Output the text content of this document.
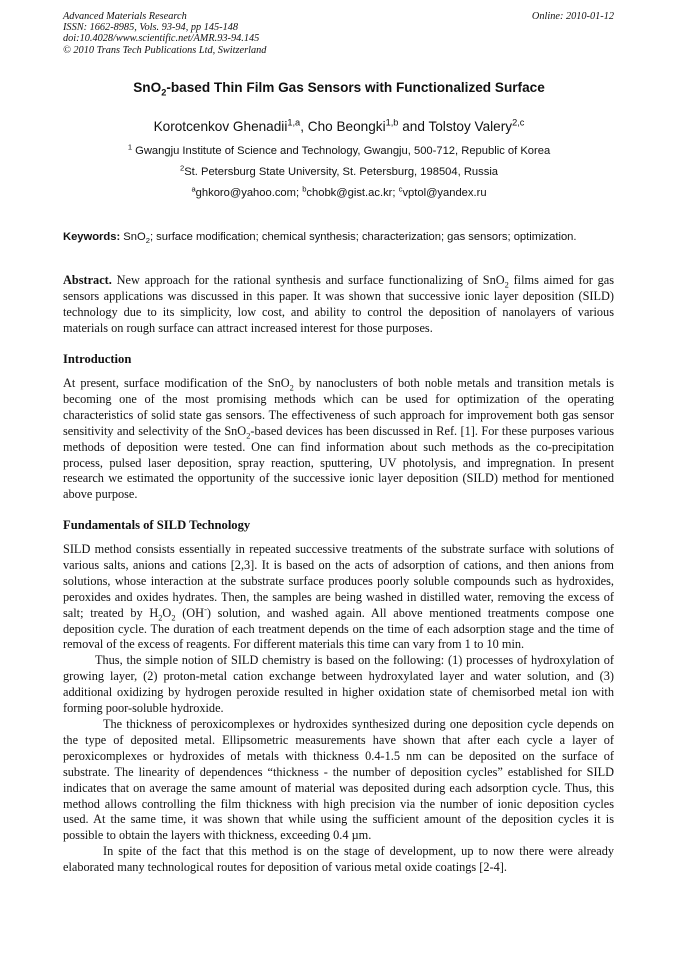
Advanced Materials Research
ISSN: 1662-8985, Vols. 93-94, pp 145-148
doi:10.4028/www.scientific.net/AMR.93-94.145
© 2010 Trans Tech Publications Ltd, Switzerland
Online: 2010-01-12
SnO$_2$-based Thin Film Gas Sensors with Functionalized Surface
Korotcenkov Ghenadii$^{1,a}$, Cho Beongki$^{1,b}$ and Tolstoy Valery$^{2,c}$
$^1$ Gwangju Institute of Science and Technology, Gwangju, 500-712, Republic of Korea
$^2$St. Petersburg State University, St. Petersburg, 198504, Russia
$^a$ghkoro@yahoo.com; $^b$chobk@gist.ac.kr; $^c$vptol@yandex.ru
Keywords: SnO$_2$; surface modification; chemical synthesis; characterization; gas sensors; optimization.

Abstract. New approach for the rational synthesis and surface functionalizing of SnO$_2$ films aimed for gas sensors applications was discussed in this paper. It was shown that successive ionic layer deposition (SILD) technology due to its simplicity, low cost, and ability to control the deposition of nanolayers of various materials on rough surface can attract increased interest for those purposes.

Introduction

At present, surface modification of the SnO$_2$ by nanoclusters of both noble metals and transition metals is becoming one of the most promising methods which can be used for optimization of the operating characteristics of solid state gas sensors. The effectiveness of such approach for improvement both gas sensor sensitivity and selectivity of the SnO$_2$-based devices has been discussed in Ref. [1]. For these purposes various methods of deposition were tested. One can find information about such methods as the co-precipitation process, pulsed laser deposition, spray reaction, sputtering, UV photolysis, and impregnation. In present research we estimated the opportunity of the successive ionic layer deposition (SILD) method for mentioned above purpose.

Fundamentals of SILD Technology

SILD method consists essentially in repeated successive treatments of the substrate surface with solutions of various salts, anions and cations [2,3]. It is based on the acts of adsorption of cations, and then anions from solutions, whose interaction at the substrate surface produces poorly soluble compounds such as hydroxides, peroxides and oxides hydrates. Then, the samples are being washed in distilled water, removing the excess of salt; treated by $H_2O_2$ (OH-) solution, and washed again. All above mentioned treatments compose one deposition cycle. The duration of each treatment depends on the time of each adsorption stage and the time of removal of the excess of reagents. For different materials this time can vary from 1 to 10 min.

Thus, the simple notion of SILD chemistry is based on the following: (1) processes of hydroxylation of growing layer, (2) proton-metal cation exchange between hydroxylated layer and water solution, and (3) additional oxidizing by hydrogen peroxide resulted in higher oxidation state of chemisorbed metal ion with forming poor-soluble hydroxide.

The thickness of peroxicomplexes or hydroxides synthesized during one deposition cycle depends on the type of deposited metal. Ellipsometric measurements have shown that after each cycle a layer of peroxicomplexes or hydroxides of metals with thickness 0.4-1.5 nm can be deposited on the surface of substrate. The linearity of dependences “thickness - the number of deposition cycles” established for SILD indicates that on average the same amount of material was deposited during each adsorption cycle. Thus, this method allows controlling the film thickness with high precision via the number of ionic deposition cycles used. At the same time, it was shown that while using the sufficient amount of the deposition cycles it is possible to obtain the layers with thickness, exceeding 0.4 µm.

In spite of the fact that this method is on the stage of development, up to now there were already elaborated many technological routes for deposition of various metal oxide coatings [2-4].
